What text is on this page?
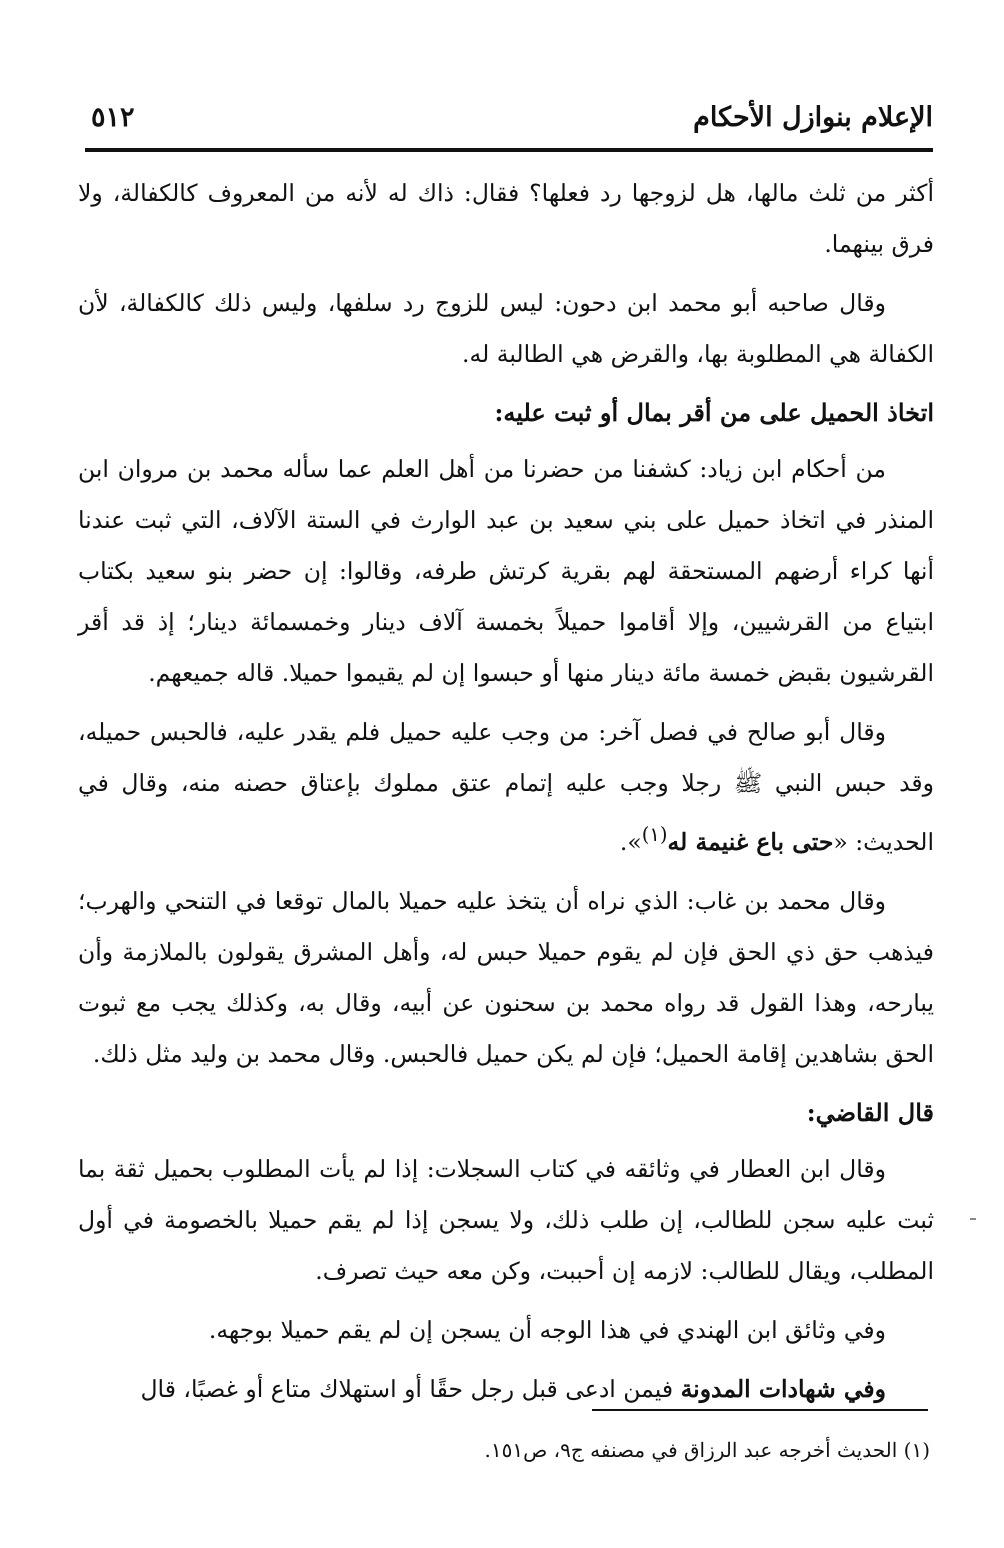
الإعلام بنوازل الأحكام
٥١٢

أكثر من ثلث مالها، هل لزوجها رد فعلها؟ فقال: ذاك له لأنه من المعروف كالكفالة، ولا فرق بينهما.

وقال صاحبه أبو محمد ابن دحون: ليس للزوج رد سلفها، وليس ذلك كالكفالة، لأن الكفالة هي المطلوبة بها، والقرض هي الطالبة له.

اتخاذ الحميل على من أقر بمال أو ثبت عليه:

من أحكام ابن زياد: كشفنا من حضرنا من أهل العلم عما سأله محمد بن مروان ابن المنذر في اتخاذ حميل على بني سعيد بن عبد الوارث في الستة الآلاف، التي ثبت عندنا أنها كراء أرضهم المستحقة لهم بقرية كرتش طرفه، وقالوا: إن حضر بنو سعيد بكتاب ابتياع من القرشيين، وإلا أقاموا حميلاً بخمسة آلاف دينار وخمسمائة دينار؛ إذ قد أقر القرشيون بقبض خمسة مائة دينار منها أو حبسوا إن لم يقيموا حميلا. قاله جميعهم.

وقال أبو صالح في فصل آخر: من وجب عليه حميل فلم يقدر عليه، فالحبس حميله، وقد حبس النبي ﷺ رجلا وجب عليه إتمام عتق مملوك بإعتاق حصنه منه، وقال في الحديث: «حتى باع غنيمة له$^{(١)}$».

وقال محمد بن غاب: الذي نراه أن يتخذ عليه حميلا بالمال توقعا في التنحي والهرب؛ فيذهب حق ذي الحق فإن لم يقوم حميلا حبس له، وأهل المشرق يقولون بالملازمة وأن يبارحه، وهذا القول قد رواه محمد بن سحنون عن أبيه، وقال به، وكذلك يجب مع ثبوت الحق بشاهدين إقامة الحميل؛ فإن لم يكن حميل فالحبس. وقال محمد بن وليد مثل ذلك.

قال القاضي:

وقال ابن العطار في وثائقه في كتاب السجلات: إذا لم يأت المطلوب بحميل ثقة بما ثبت عليه سجن للطالب، إن طلب ذلك، ولا يسجن إذا لم يقم حميلا بالخصومة في أول المطلب، ويقال للطالب: لازمه إن أحببت، وكن معه حيث تصرف.

وفي وثائق ابن الهندي في هذا الوجه أن يسجن إن لم يقم حميلا بوجهه.

وفي شهادات المدونة فيمن ادعى قبل رجل حقًا أو استهلاك متاع أو غصبًا، قال

(١) الحديث أخرجه عبد الرزاق في مصنفه ج٩، ص١٥١.
